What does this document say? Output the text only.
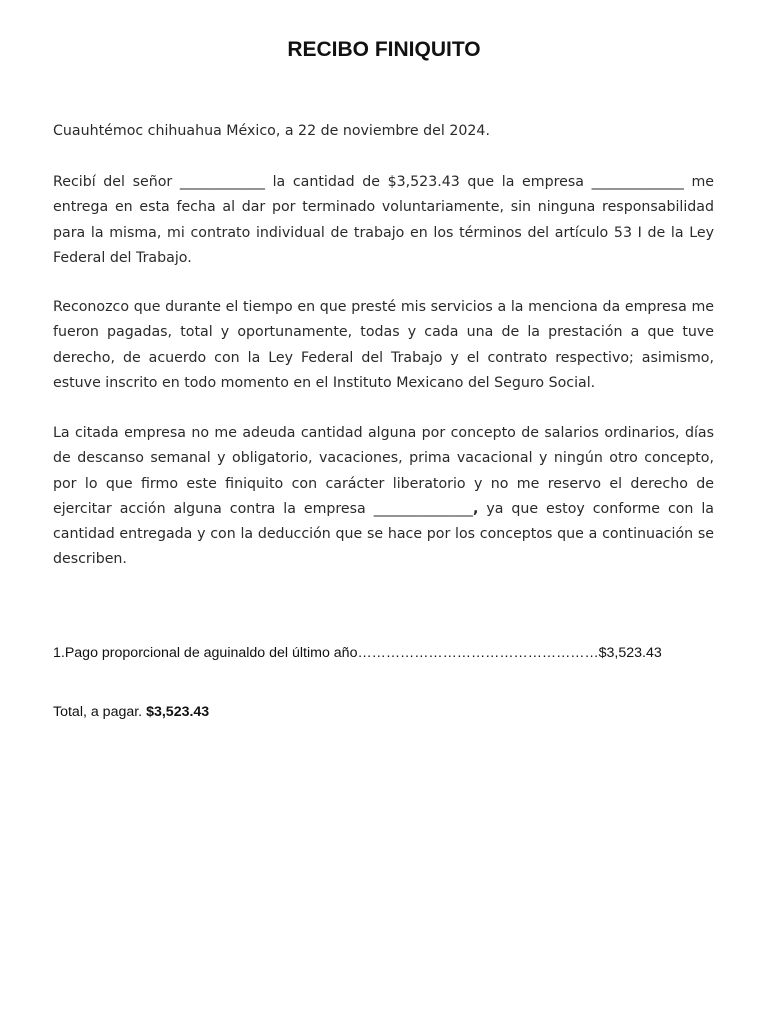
RECIBO FINIQUITO

Cuauhtémoc chihuahua México, a 22 de noviembre del 2024.

Recibí del señor ____________ la cantidad de $3,523.43 que la empresa _____________ me entrega en esta fecha al dar por terminado voluntariamente, sin ninguna responsabilidad para la misma, mi contrato individual de trabajo en los términos del artículo 53 I de la Ley Federal del Trabajo.

Reconozco que durante el tiempo en que presté mis servicios a la menciona da empresa me fueron pagadas, total y oportunamente, todas y cada una de la prestación a que tuve derecho, de acuerdo con la Ley Federal del Trabajo y el contrato respectivo; asimismo, estuve inscrito en todo momento en el Instituto Mexicano del Seguro Social.

La citada empresa no me adeuda cantidad alguna por concepto de salarios ordinarios, días de descanso semanal y obligatorio, vacaciones, prima vacacional y ningún otro concepto, por lo que firmo este finiquito con carácter liberatorio y no me reservo el derecho de ejercitar acción alguna contra la empresa ______________, ya que estoy conforme con la cantidad entregada y con la deducción que se hace por los conceptos que a continuación se describen.

1.Pago proporcional de aguinaldo del último año……………………………………………$3,523.43
Total, a pagar. $3,523.43
